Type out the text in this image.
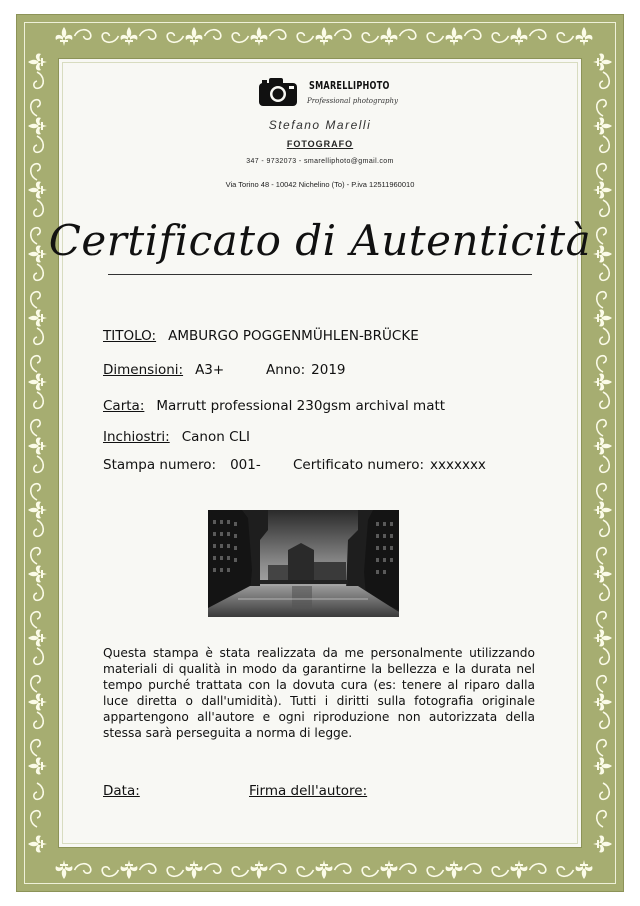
SMARELLIPHOTO
Professional photography
Stefano Marelli
FOTOGRAFO
347 - 9732073 - smarelliphoto@gmail.com
Via Torino 48 - 10042 Nichelino (To) - P.iva 12511960010
Certificato di Autenticità
TITOLO: AMBURGO POGGENMÜHLEN-BRÜCKE
Dimensioni: A3+	Anno: 2019
Carta: Marrutt professional 230gsm archival matt
Inchiostri: Canon CLI
Stampa numero: 001- Certificato numero: xxxxxxx
Questa stampa è stata realizzata da me personalmente utilizzando materiali di qualità in modo da garantirne la bellezza e la durata nel tempo purché trattata con la dovuta cura (es: tenere al riparo dalla luce diretta o dall'umidità). Tutti i diritti sulla fotografia originale appartengono all'autore e ogni riproduzione non autorizzata della stessa sarà perseguita a norma di legge.
Data:	Firma dell'autore:
